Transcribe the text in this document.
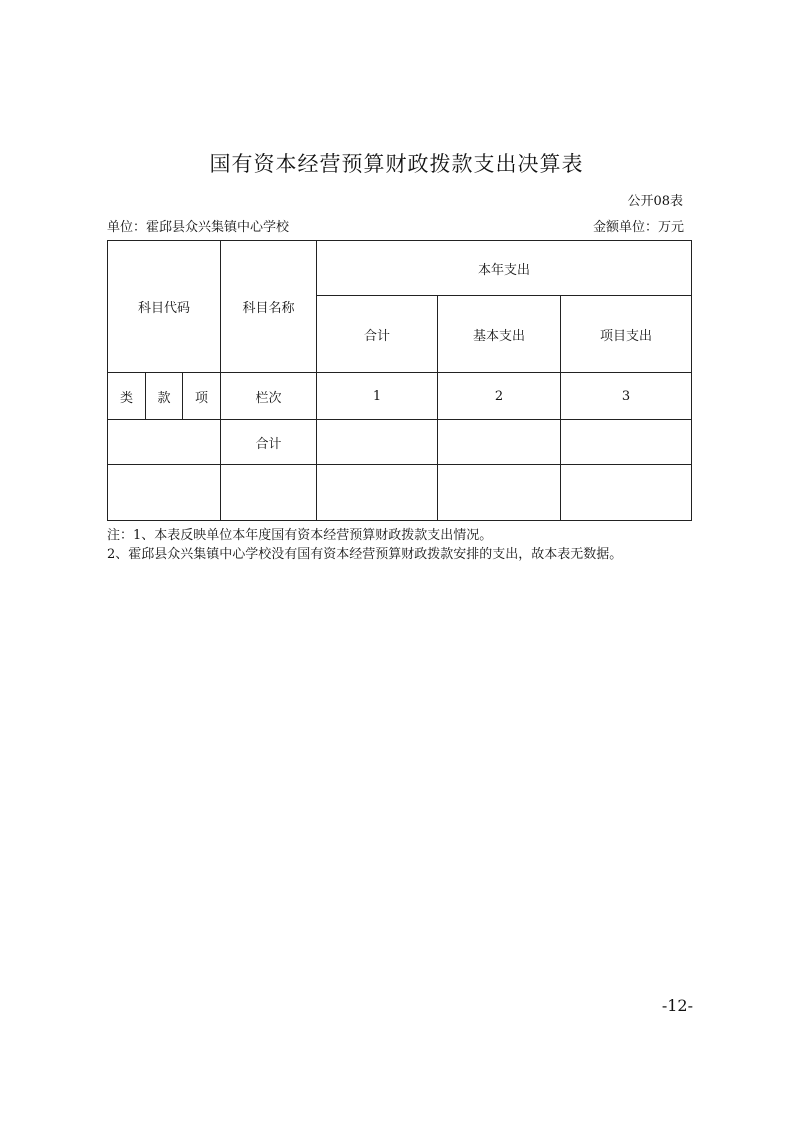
国有资本经营预算财政拨款支出决算表
公开08表
单位：霍邱县众兴集镇中心学校	金额单位：万元
科目代码			科目名称	本年支出		
				合计	基本支出	项目支出
类	款	项	栏次	1	2	3
			合计			

注：1、本表反映单位本年度国有资本经营预算财政拨款支出情况。
2、霍邱县众兴集镇中心学校没有国有资本经营预算财政拨款安排的支出，故本表无数据。
-12-
